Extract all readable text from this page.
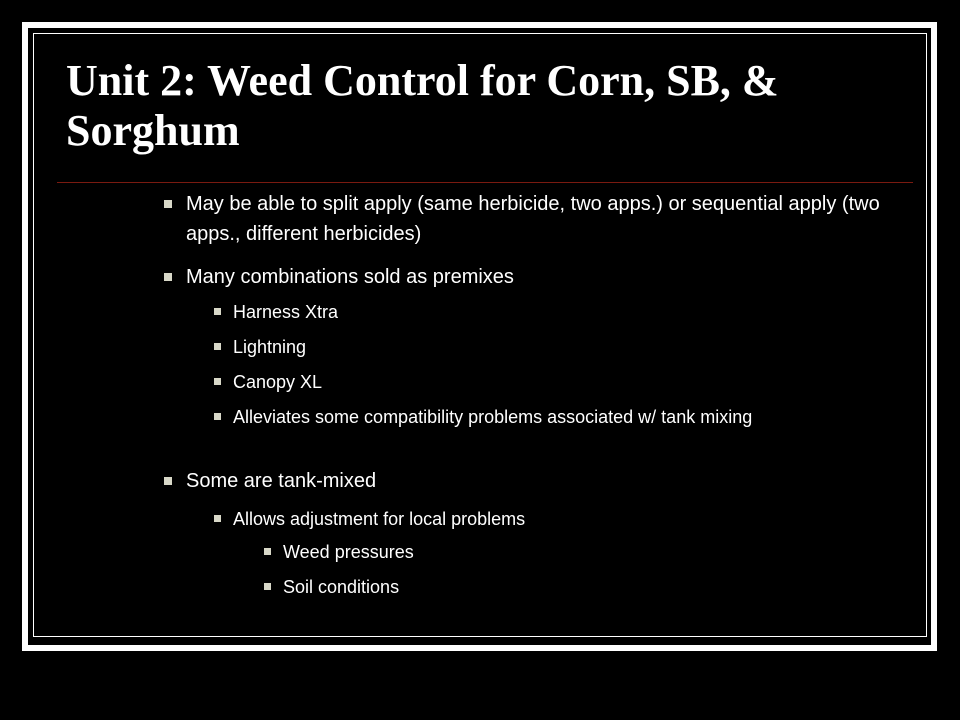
Unit 2: Weed Control for Corn, SB, & Sorghum
May be able to split apply (same herbicide, two apps.) or sequential apply (two apps., different herbicides)
Many combinations sold as premixes
Harness Xtra
Lightning
Canopy XL
Alleviates some compatibility problems associated w/ tank mixing
Some are tank-mixed
Allows adjustment for local problems
Weed pressures
Soil conditions
